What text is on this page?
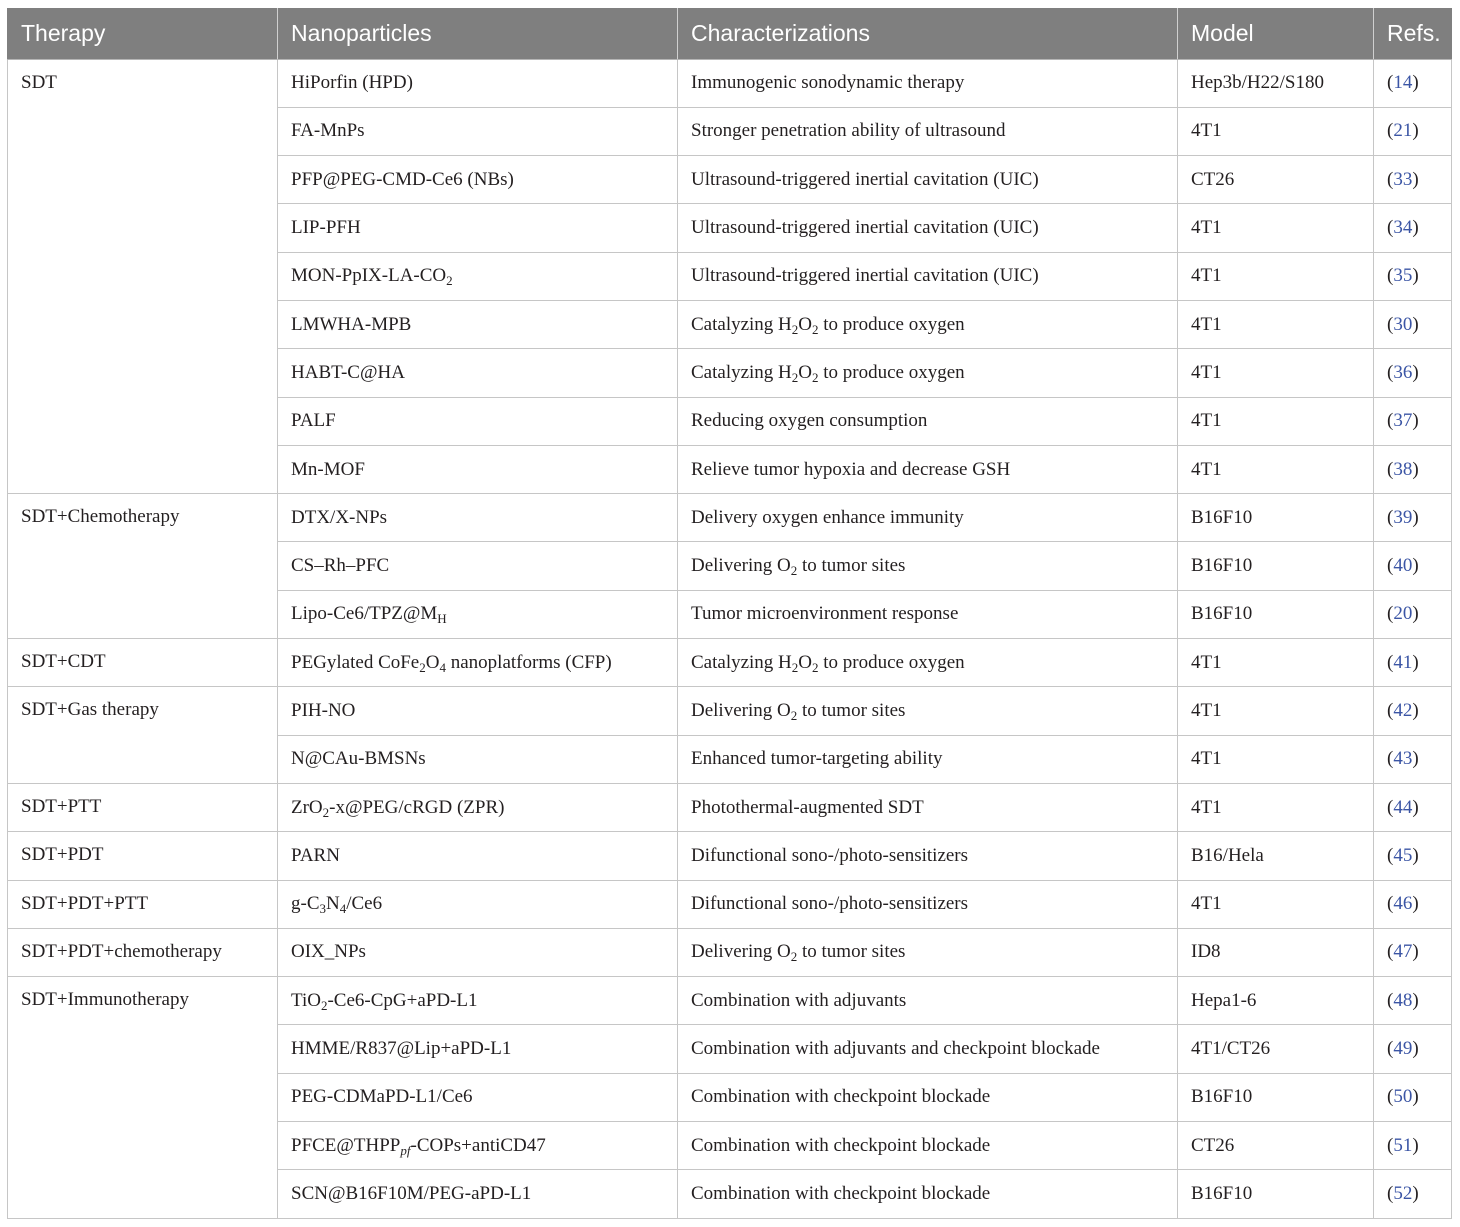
Therapy	Nanoparticles	Characterizations	Model	Refs.
SDT	HiPorfin (HPD)	Immunogenic sonodynamic therapy	Hep3b/H22/S180	(14)
	FA-MnPs	Stronger penetration ability of ultrasound	4T1	(21)
	PFP@PEG-CMD-Ce6 (NBs)	Ultrasound-triggered inertial cavitation (UIC)	CT26	(33)
	LIP-PFH	Ultrasound-triggered inertial cavitation (UIC)	4T1	(34)
	MON-$PpIX-LA-CO_2$	Ultrasound-triggered inertial cavitation (UIC)	4T1	(35)
	LMWHA-MPB	Catalyzing $H_2O_2$ to produce oxygen	4T1	(30)
	HABT-C@HA	Catalyzing $H_2O_2$ to produce oxygen	4T1	(36)
	PALF	Reducing oxygen consumption	4T1	(37)
	Mn-MOF	Relieve tumor hypoxia and decrease GSH	4T1	(38)
SDT+Chemotherapy	DTX/X-NPs	Delivery oxygen enhance immunity	B16F10	(39)
	CS–Rh–PFC	Delivering $O_2$ to tumor sites	B16F10	(40)
	Lipo-$Ce6/TPZ@M_H$	Tumor microenvironment response	B16F10	(20)
SDT+CDT	PEGylated $CoFe_2O_4$ nanoplatforms (CFP)	Catalyzing $H_2O_2$ to produce oxygen	4T1	(41)
SDT+Gas therapy	PIH-NO	Delivering $O_2$ to tumor sites	4T1	(42)
	N@CAu-BMSNs	Enhanced tumor-targeting ability	4T1	(43)
SDT+PTT	ZrO$_2$-x@PEG/cRGD (ZPR)	Photothermal-augmented SDT	4T1	(44)
SDT+PDT	PARN	Difunctional sono-/photo-sensitizers	B16/Hela	(45)
SDT+PDT+PTT	$g-C_3N_4/Ce6$	Difunctional sono-/photo-sensitizers	4T1	(46)
SDT+PDT+chemotherapy	OIX_NPs	Delivering $O_2$ to tumor sites	ID8	(47)
SDT+Immunotherapy	TiO$_2$-Ce6-CpG+aPD-L1	Combination with adjuvants	Hepa1-6	(48)
	HMME/R837@Lip+aPD-L1	Combination with adjuvants and checkpoint blockade	4T1/CT26	(49)
	PEG-CDMaPD-L1/Ce6	Combination with checkpoint blockade	B16F10	(50)
	$PFCE@THPP_{pf}-COPs+antiCD47$	Combination with checkpoint blockade	CT26	(51)
	SCN@B16F10M/PEG-aPD-L1	Combination with checkpoint blockade	B16F10	(52)
